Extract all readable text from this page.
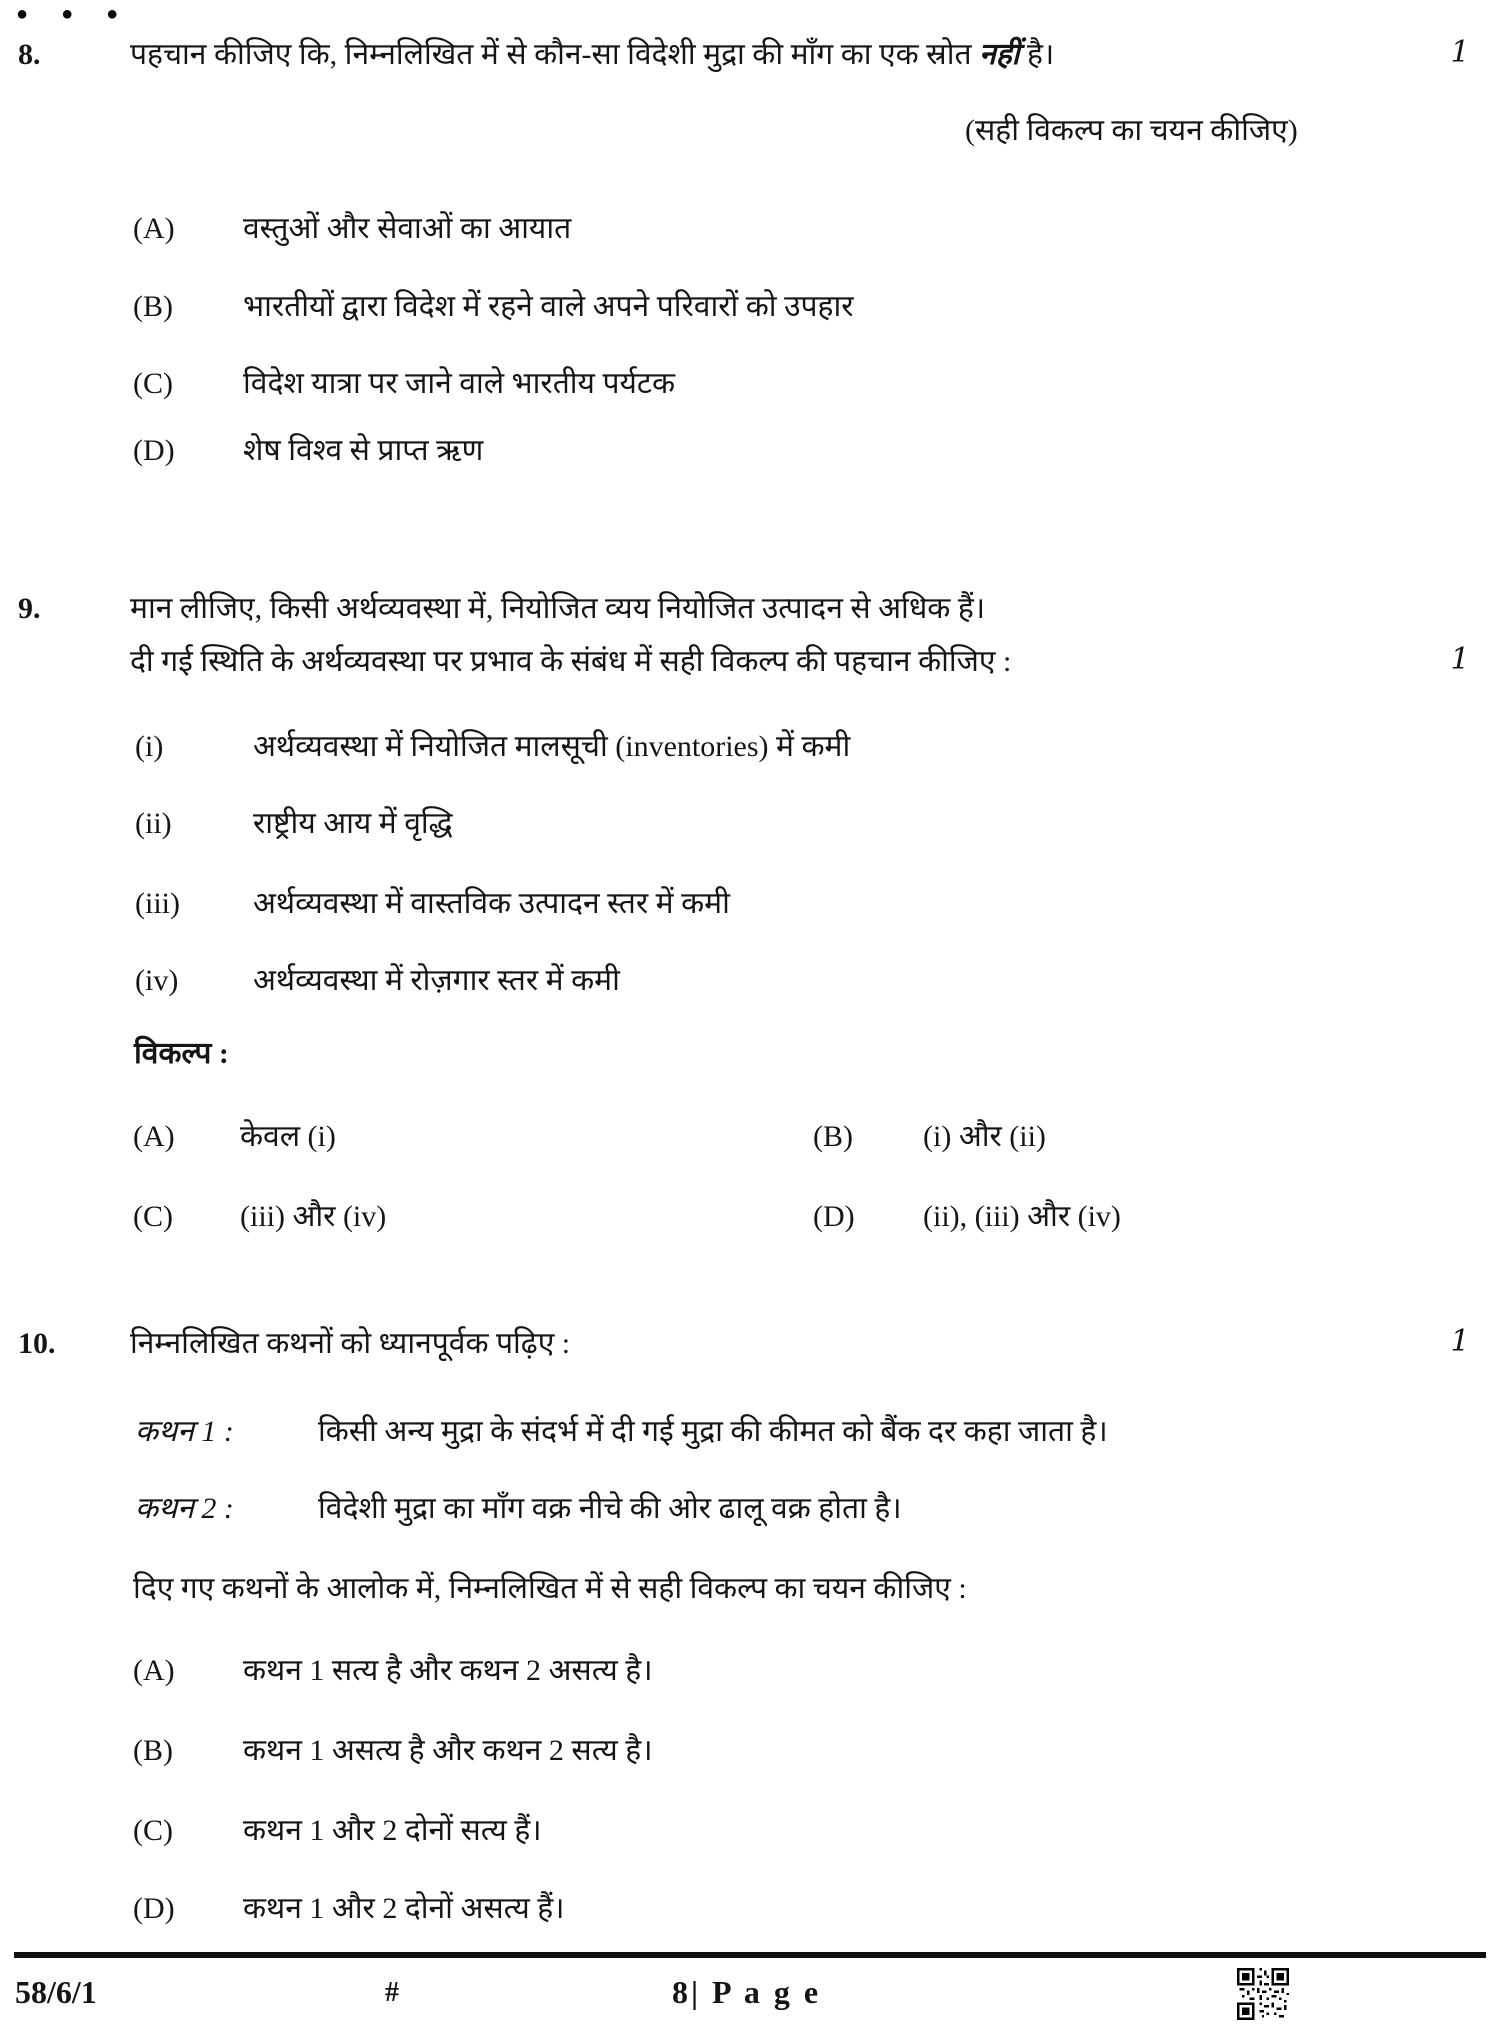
● ● ●
8.	पहचान कीजिए कि, निम्नलिखित में से कौन-सा विदेशी मुद्रा की माँग का एक स्रोत नहीं है।	1
(सही विकल्प का चयन कीजिए)
(A) वस्तुओं और सेवाओं का आयात
(B) भारतीयों द्वारा विदेश में रहने वाले अपने परिवारों को उपहार
(C) विदेश यात्रा पर जाने वाले भारतीय पर्यटक
(D) शेष विश्व से प्राप्त ऋण
9.	मान लीजिए, किसी अर्थव्यवस्था में, नियोजित व्यय नियोजित उत्पादन से अधिक हैं।
दी गई स्थिति के अर्थव्यवस्था पर प्रभाव के संबंध में सही विकल्प की पहचान कीजिए :	1
(i)	अर्थव्यवस्था में नियोजित मालसूची (inventories) में कमी
(ii)	राष्ट्रीय आय में वृद्धि
(iii) अर्थव्यवस्था में वास्तविक उत्पादन स्तर में कमी
(iv) अर्थव्यवस्था में रोज़गार स्तर में कमी
विकल्प :
(A) केवल (i)	(B) (i) और (ii)
(C) (iii) और (iv)	(D) (ii), (iii) और (iv)
10. निम्नलिखित कथनों को ध्यानपूर्वक पढ़िए :	1
कथन 1 :	किसी अन्य मुद्रा के संदर्भ में दी गई मुद्रा की कीमत को बैंक दर कहा जाता है।
कथन 2 :	विदेशी मुद्रा का माँग वक्र नीचे की ओर ढालू वक्र होता है।
दिए गए कथनों के आलोक में, निम्नलिखित में से सही विकल्प का चयन कीजिए :
(A) कथन 1 सत्य है और कथन 2 असत्य है।
(B) कथन 1 असत्य है और कथन 2 सत्य है।
(C) कथन 1 और 2 दोनों सत्य हैं।
(D) कथन 1 और 2 दोनों असत्य हैं।
58/6/1	#	8| P a g e
